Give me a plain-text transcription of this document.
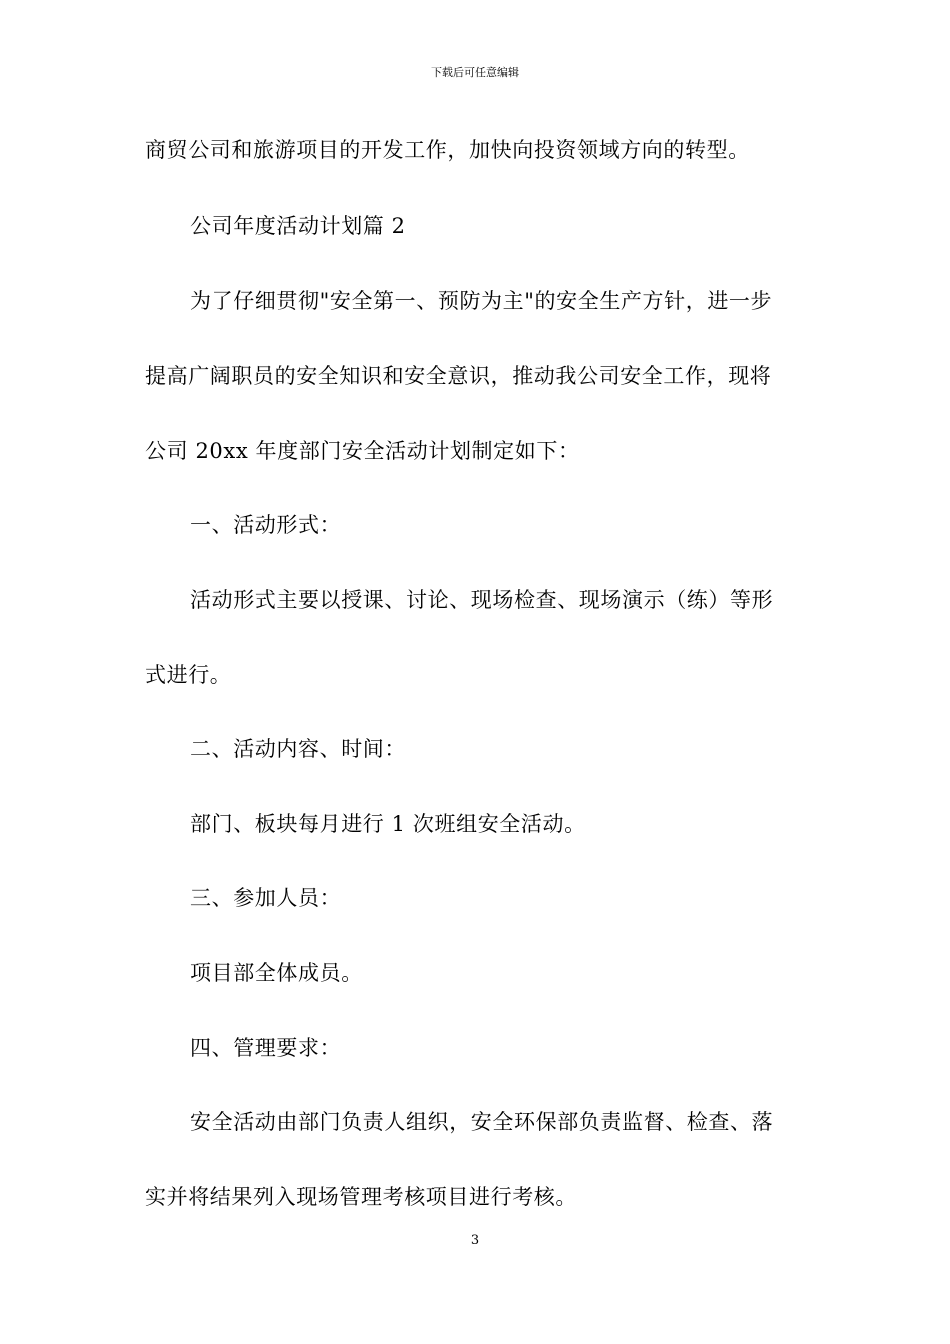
下载后可任意编辑
商贸公司和旅游项目的开发工作，加快向投资领域方向的转型。
公司年度活动计划篇 2
为了仔细贯彻"安全第一、预防为主"的安全生产方针，进一步
提高广阔职员的安全知识和安全意识，推动我公司安全工作，现将
公司 20xx 年度部门安全活动计划制定如下：
一、活动形式：
活动形式主要以授课、讨论、现场检查、现场演示（练）等形
式进行。
二、活动内容、时间：
部门、板块每月进行 1 次班组安全活动。
三、参加人员：
项目部全体成员。
四、管理要求：
安全活动由部门负责人组织，安全环保部负责监督、检查、落
实并将结果列入现场管理考核项目进行考核。
3
